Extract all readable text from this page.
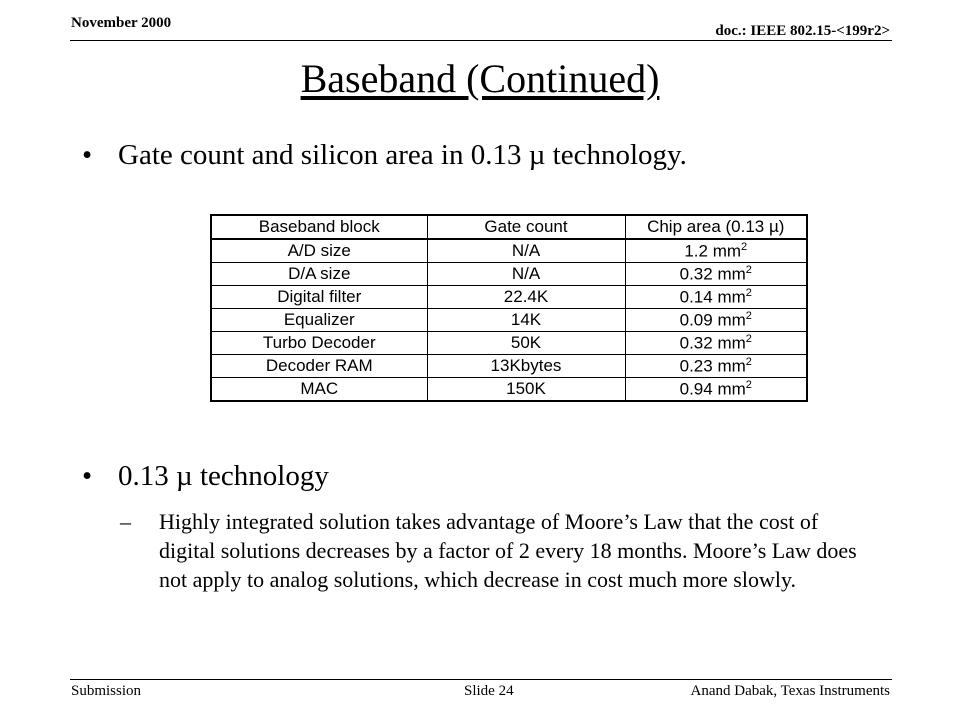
November 2000	doc.: IEEE 802.15-<199r2>
Baseband (Continued)
• Gate count and silicon area in 0.13 µ technology.
Baseband block	Gate count	Chip area (0.13 µ)
A/D size	N/A	1.2 $mm^2$
D/A size	N/A	0.32 $mm^2$
Digital filter	22.4K	0.14 $mm^2$
Equalizer	14K	0.09 $mm^2$
Turbo Decoder	50K	0.32 $mm^2$
Decoder RAM	13Kbytes	0.23 $mm^2$
MAC	150K	0.94 $mm^2$
• 0.13 µ technology
– Highly integrated solution takes advantage of Moore’s Law that the cost of digital solutions decreases by a factor of 2 every 18 months. Moore’s Law does not apply to analog solutions, which decrease in cost much more slowly.
Submission	Slide 24	Anand Dabak, Texas Instruments
